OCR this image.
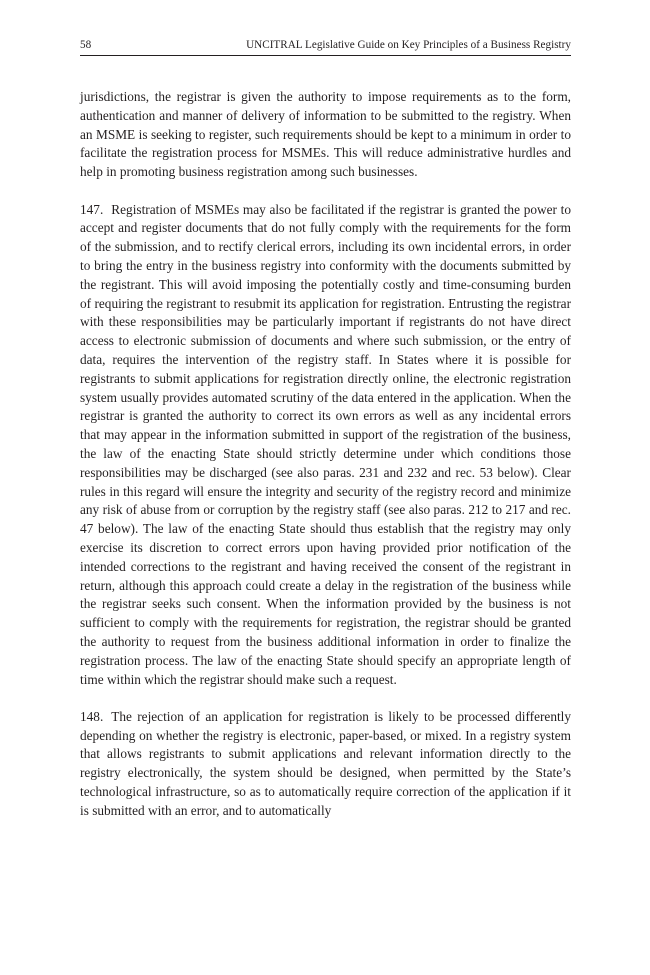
58	UNCITRAL Legislative Guide on Key Principles of a Business Registry

jurisdictions, the registrar is given the authority to impose requirements as to the form, authentication and manner of delivery of information to be submitted to the registry. When an MSME is seeking to register, such requirements should be kept to a minimum in order to facilitate the registration process for MSMEs. This will reduce administrative hurdles and help in promoting business registration among such businesses.

147. Registration of MSMEs may also be facilitated if the registrar is granted the power to accept and register documents that do not fully comply with the requirements for the form of the submission, and to rectify clerical errors, including its own incidental errors, in order to bring the entry in the business registry into conformity with the documents submitted by the registrant. This will avoid imposing the potentially costly and time-consuming burden of requiring the registrant to resubmit its application for registration. Entrusting the registrar with these responsibilities may be particularly important if registrants do not have direct access to electronic submission of documents and where such submission, or the entry of data, requires the intervention of the registry staff. In States where it is possible for registrants to submit applications for registration directly online, the electronic registration system usually provides automated scrutiny of the data entered in the application. When the registrar is granted the authority to correct its own errors as well as any incidental errors that may appear in the information submitted in support of the registration of the business, the law of the enacting State should strictly determine under which conditions those responsibilities may be discharged (see also paras. 231 and 232 and rec. 53 below). Clear rules in this regard will ensure the integrity and security of the registry record and minimize any risk of abuse from or corruption by the registry staff (see also paras. 212 to 217 and rec. 47 below). The law of the enacting State should thus establish that the registry may only exercise its discretion to correct errors upon having provided prior notification of the intended corrections to the registrant and having received the consent of the registrant in return, although this approach could create a delay in the registration of the business while the registrar seeks such consent. When the information provided by the business is not sufficient to comply with the requirements for registration, the registrar should be granted the authority to request from the business additional information in order to finalize the registration process. The law of the enacting State should specify an appropriate length of time within which the registrar should make such a request.

148. The rejection of an application for registration is likely to be processed differently depending on whether the registry is electronic, paper-based, or mixed. In a registry system that allows registrants to submit applications and relevant information directly to the registry electronically, the system should be designed, when permitted by the State’s technological infrastructure, so as to automatically require correction of the application if it is submitted with an error, and to automatically
